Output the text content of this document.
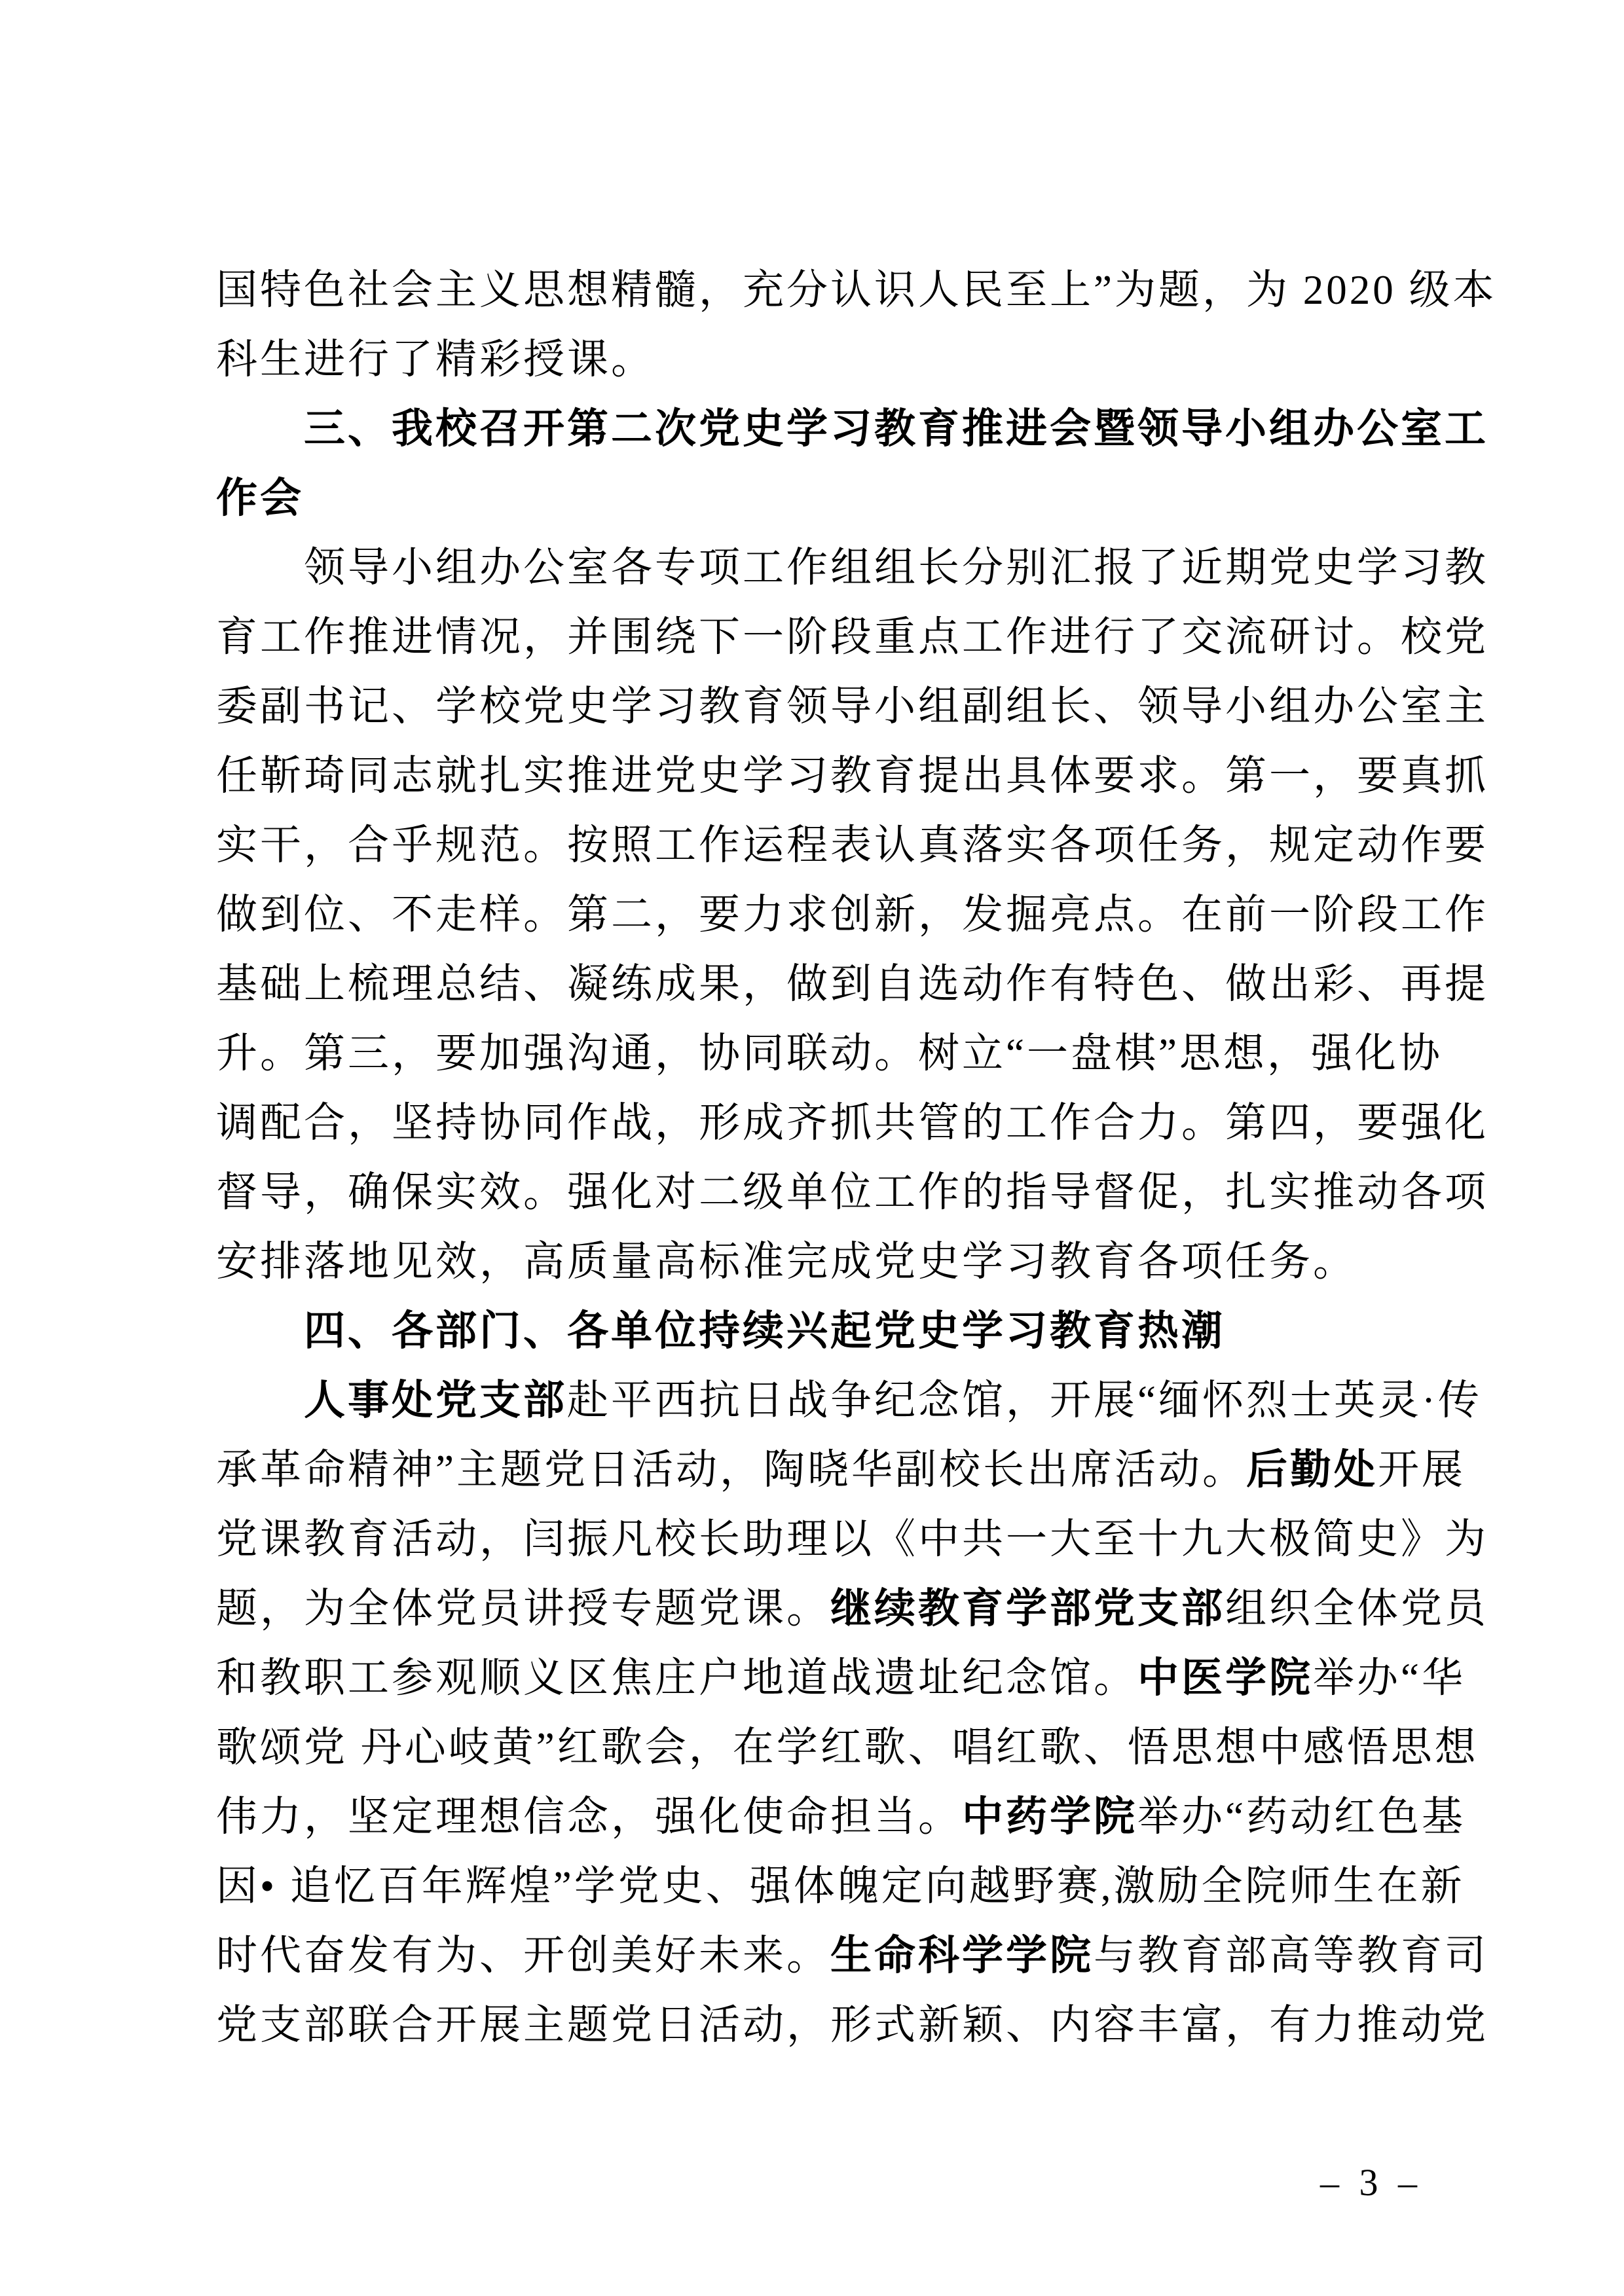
国特色社会主义思想精髓，充分认识人民至上”为题，为 2020 级本

科生进行了精彩授课。

三、我校召开第二次党史学习教育推进会暨领导小组办公室工

作会

领导小组办公室各专项工作组组长分别汇报了近期党史学习教

育工作推进情况，并围绕下一阶段重点工作进行了交流研讨。校党

委副书记、学校党史学习教育领导小组副组长、领导小组办公室主

任靳琦同志就扎实推进党史学习教育提出具体要求。第一，要真抓

实干，合乎规范。按照工作运程表认真落实各项任务，规定动作要

做到位、不走样。第二，要力求创新，发掘亮点。在前一阶段工作

基础上梳理总结、凝练成果，做到自选动作有特色、做出彩、再提

升。第三，要加强沟通，协同联动。树立“一盘棋”思想，强化协

调配合，坚持协同作战，形成齐抓共管的工作合力。第四，要强化

督导，确保实效。强化对二级单位工作的指导督促，扎实推动各项

安排落地见效，高质量高标准完成党史学习教育各项任务。

四、各部门、各单位持续兴起党史学习教育热潮

人事处党支部赴平西抗日战争纪念馆，开展“缅怀烈士英灵·传

承革命精神”主题党日活动，陶晓华副校长出席活动。后勤处开展

党课教育活动，闫振凡校长助理以《中共一大至十九大极简史》为

题，为全体党员讲授专题党课。继续教育学部党支部组织全体党员

和教职工参观顺义区焦庄户地道战遗址纪念馆。中医学院举办“华

歌颂党 丹心岐黄”红歌会，在学红歌、唱红歌、悟思想中感悟思想

伟力，坚定理想信念，强化使命担当。中药学院举办“药动红色基

因• 追忆百年辉煌”学党史、强体魄定向越野赛,激励全院师生在新

时代奋发有为、开创美好未来。生命科学学院与教育部高等教育司

党支部联合开展主题党日活动，形式新颖、内容丰富，有力推动党

– 3 –
